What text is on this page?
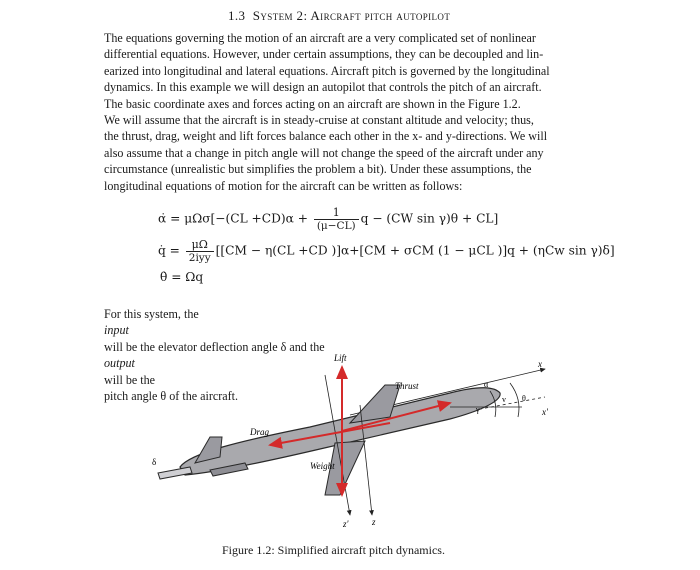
1.3 System 2: Aircraft pitch autopilot
The equations governing the motion of an aircraft are a very complicated set of nonlinear
differential equations. However, under certain assumptions, they can be decoupled and lin-
earized into longitudinal and lateral equations. Aircraft pitch is governed by the longitudinal
dynamics. In this example we will design an autopilot that controls the pitch of an aircraft.
The basic coordinate axes and forces acting on an aircraft are shown in the Figure 1.2.
We will assume that the aircraft is in steady-cruise at constant altitude and velocity; thus,
the thrust, drag, weight and lift forces balance each other in the x- and y-directions. We will
also assume that a change in pitch angle will not change the speed of the aircraft under any
circumstance (unrealistic but simplifies the problem a bit). Under these assumptions, the
longitudinal equations of motion for the aircraft can be written as follows:
α̇ = $\mu\Omega\sigma[-(CL +CD)\alpha + \frac{1}{(\mu-CL)}$ q − (CW sin γ)θ + CL]
q̇ = $\frac{\mu\Omega}{\text{2iyy}} [[CM - \eta(CL +CD$ )]α+[CM + σCM (1 − μCL )]q + (ηCw sin γ)δ]
θ̇ = Ωq
For this system, the
input
will be the elevator deflection angle δ and the
output
will be the
pitch angle θ of the aircraft.
Lift
Thrust
Drag
Weight
x
x'
z
z'
α
γ
v θ
δ
Figure 1.2: Simplified aircraft pitch dynamics.
